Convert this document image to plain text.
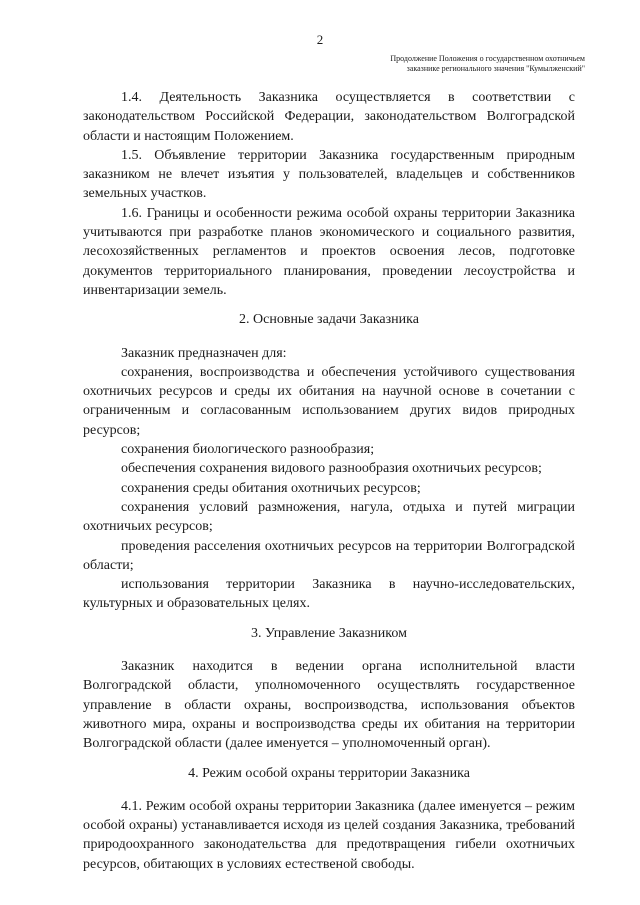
2
Продолжение Положения о государственном охотничьем
заказнике регионального значения "Кумылженский"

1.4. Деятельность Заказника осуществляется в соответствии с законодательством Российской Федерации, законодательством Волгоградской области и настоящим Положением.

1.5. Объявление территории Заказника государственным природным заказником не влечет изъятия у пользователей, владельцев и собственников земельных участков.

1.6. Границы и особенности режима особой охраны территории Заказника учитываются при разработке планов экономического и социального развития, лесохозяйственных регламентов и проектов освоения лесов, подготовке документов территориального планирования, проведении лесоустройства и инвентаризации земель.

2. Основные задачи Заказника

Заказник предназначен для:

сохранения, воспроизводства и обеспечения устойчивого существования охотничьих ресурсов и среды их обитания на научной основе в сочетании с ограниченным и согласованным использованием других видов природных ресурсов;

сохранения биологического разнообразия;

обеспечения сохранения видового разнообразия охотничьих ресурсов;

сохранения среды обитания охотничьих ресурсов;

сохранения условий размножения, нагула, отдыха и путей миграции охотничьих ресурсов;

проведения расселения охотничьих ресурсов на территории Волгоградской области;

использования территории Заказника в научно-исследовательских, культурных и образовательных целях.

3. Управление Заказником

Заказник находится в ведении органа исполнительной власти Волгоградской области, уполномоченного осуществлять государственное управление в области охраны, воспроизводства, использования объектов животного мира, охраны и воспроизводства среды их обитания на территории Волгоградской области (далее именуется – уполномоченный орган).

4. Режим особой охраны территории Заказника

4.1. Режим особой охраны территории Заказника (далее именуется – режим особой охраны) устанавливается исходя из целей создания Заказника, требований природоохранного законодательства для предотвращения гибели охотничьих ресурсов, обитающих в условиях естественой свободы.
